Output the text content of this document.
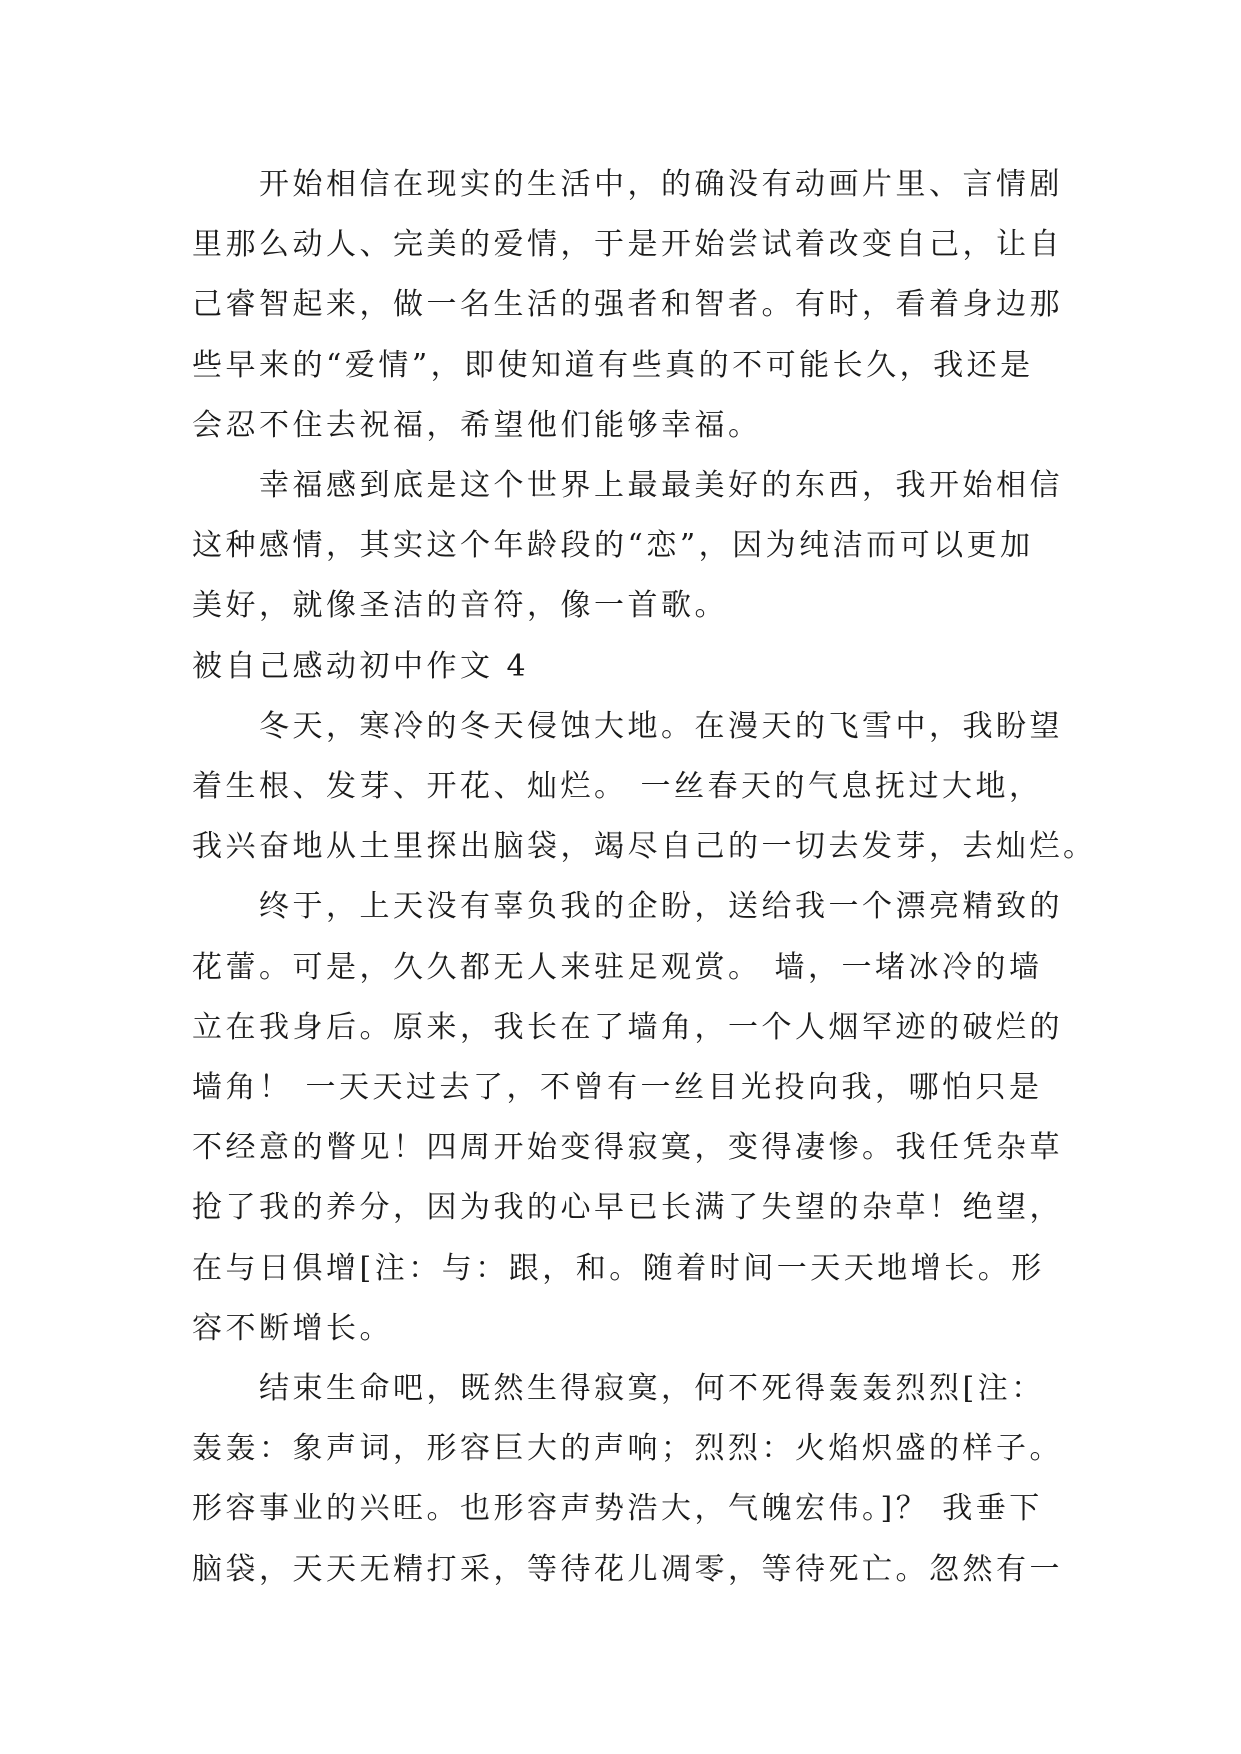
开始相信在现实的生活中，的确没有动画片里、言情剧
里那么动人、完美的爱情，于是开始尝试着改变自己，让自
己睿智起来，做一名生活的强者和智者。有时，看着身边那
些早来的“爱情”，即使知道有些真的不可能长久，我还是
会忍不住去祝福，希望他们能够幸福。

幸福感到底是这个世界上最最美好的东西，我开始相信
这种感情，其实这个年龄段的“恋”，因为纯洁而可以更加
美好，就像圣洁的音符，像一首歌。

被自己感动初中作文 4

冬天，寒冷的冬天侵蚀大地。在漫天的飞雪中，我盼望
着生根、发芽、开花、灿烂。 一丝春天的气息抚过大地，
我兴奋地从土里探出脑袋，竭尽自己的一切去发芽，去灿烂。

终于，上天没有辜负我的企盼，送给我一个漂亮精致的
花蕾。可是，久久都无人来驻足观赏。 墙，一堵冰冷的墙
立在我身后。原来，我长在了墙角，一个人烟罕迹的破烂的
墙角！ 一天天过去了，不曾有一丝目光投向我，哪怕只是
不经意的瞥见！四周开始变得寂寞，变得凄惨。我任凭杂草
抢了我的养分，因为我的心早已长满了失望的杂草！绝望，
在与日俱增[注：与：跟，和。随着时间一天天地增长。形
容不断增长。

结束生命吧，既然生得寂寞，何不死得轰轰烈烈[注：
轰轰：象声词，形容巨大的声响；烈烈：火焰炽盛的样子。
形容事业的兴旺。也形容声势浩大，气魄宏伟。]？ 我垂下
脑袋，天天无精打采，等待花儿凋零，等待死亡。忽然有一
